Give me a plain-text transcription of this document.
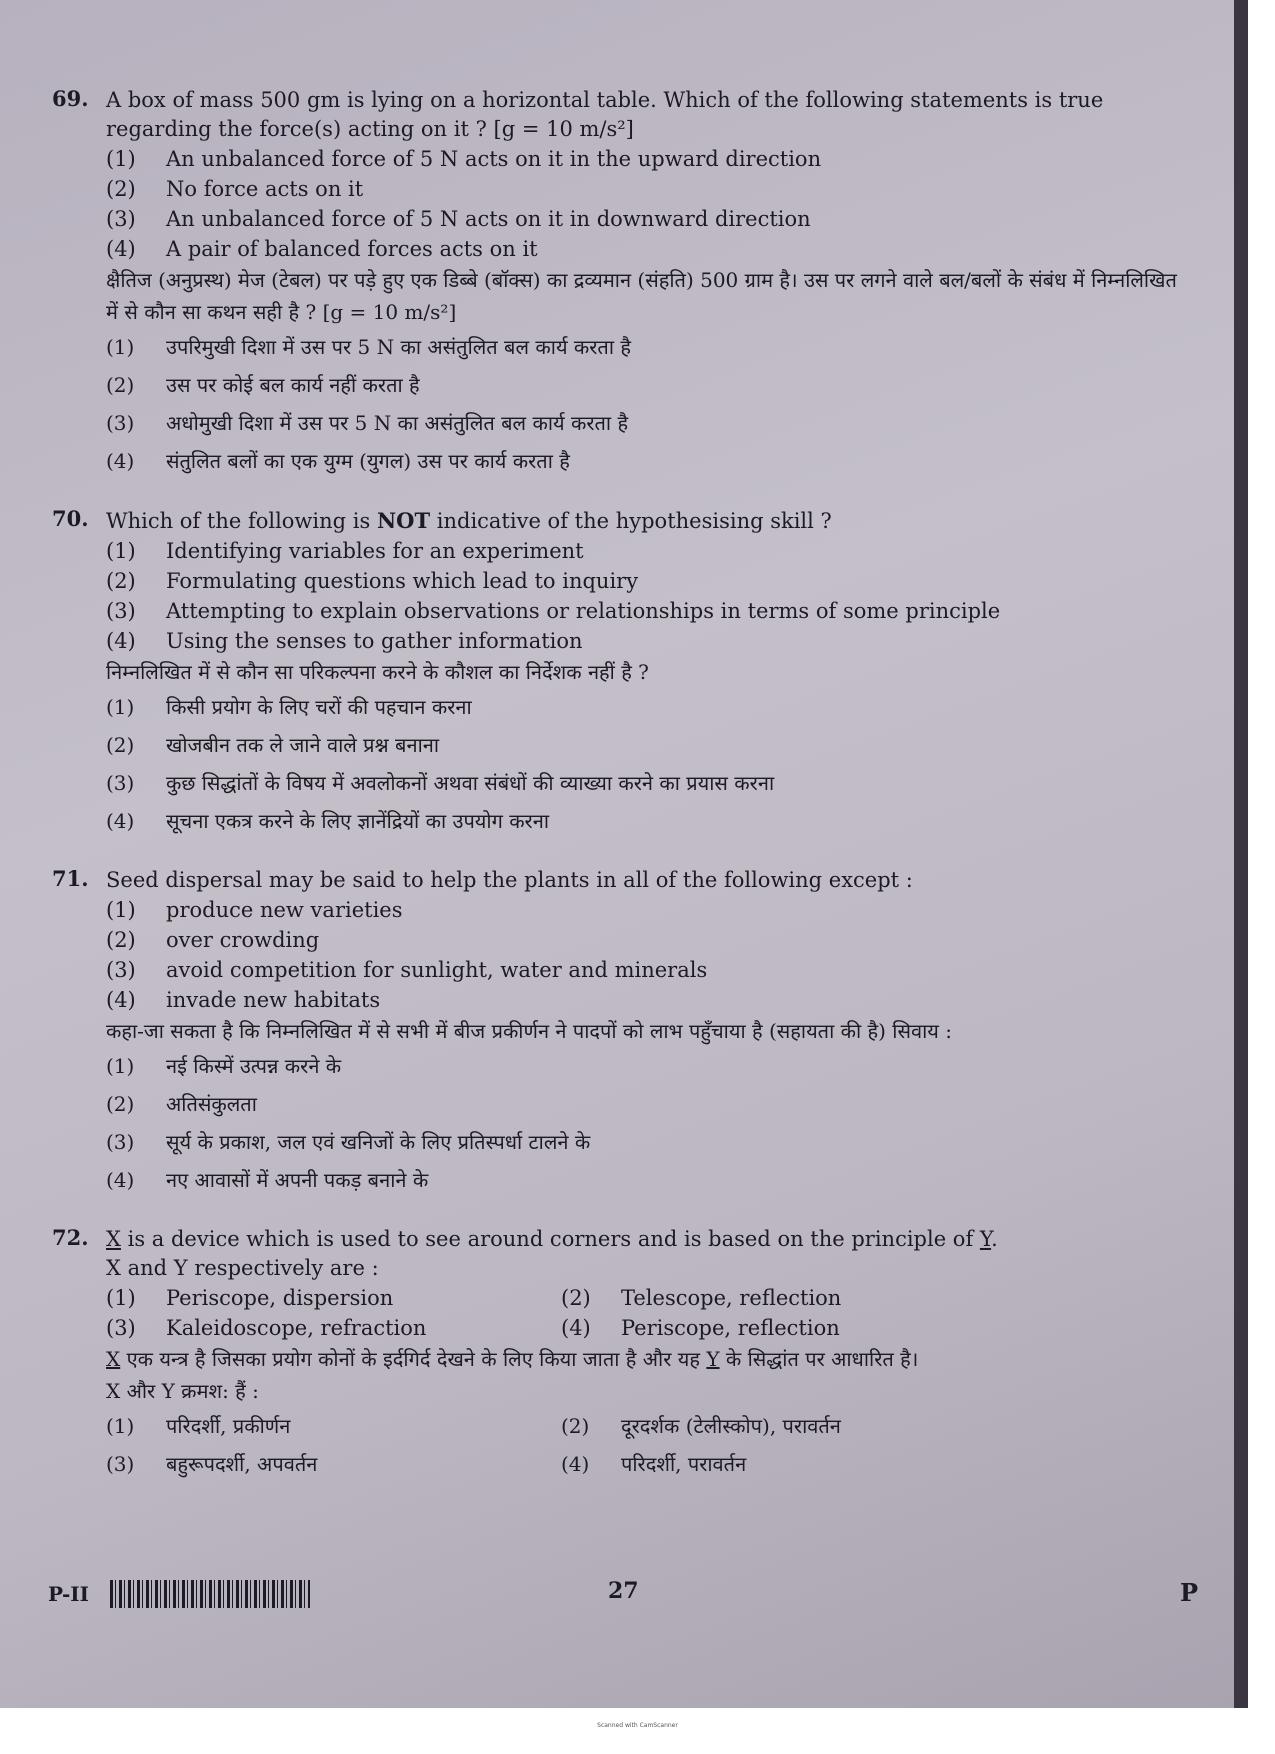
69. A box of mass 500 gm is lying on a horizontal table. Which of the following statements is true regarding the force(s) acting on it ? [g = 10 m/s²]
(1)	An unbalanced force of 5 N acts on it in the upward direction
(2)	No force acts on it
(3)	An unbalanced force of 5 N acts on it in downward direction
(4)	A pair of balanced forces acts on it
क्षैतिज (अनुप्रस्थ) मेज (टेबल) पर पड़े हुए एक डिब्बे (बॉक्स) का द्रव्यमान (संहति) 500 ग्राम है। उस पर लगने वाले बल/बलों के संबंध में निम्नलिखित में से कौन सा कथन सही है ? [g = 10 m/s²]
(1)	उपरिमुखी दिशा में उस पर 5 N का असंतुलित बल कार्य करता है
(2)	उस पर कोई बल कार्य नहीं करता है
(3)	अधोमुखी दिशा में उस पर 5 N का असंतुलित बल कार्य करता है
(4)	संतुलित बलों का एक युग्म (युगल) उस पर कार्य करता है
70. Which of the following is NOT indicative of the hypothesising skill ?
(1)	Identifying variables for an experiment
(2)	Formulating questions which lead to inquiry
(3)	Attempting to explain observations or relationships in terms of some principle
(4)	Using the senses to gather information
निम्नलिखित में से कौन सा परिकल्पना करने के कौशल का निर्देशक नहीं है ?
(1)	किसी प्रयोग के लिए चरों की पहचान करना
(2)	खोजबीन तक ले जाने वाले प्रश्न बनाना
(3)	कुछ सिद्धांतों के विषय में अवलोकनों अथवा संबंधों की व्याख्या करने का प्रयास करना
(4)	सूचना एकत्र करने के लिए ज्ञानेंद्रियों का उपयोग करना
71. Seed dispersal may be said to help the plants in all of the following except :
(1)	produce new varieties
(2)	over crowding
(3)	avoid competition for sunlight, water and minerals
(4)	invade new habitats
कहा-जा सकता है कि निम्नलिखित में से सभी में बीज प्रकीर्णन ने पादपों को लाभ पहुँचाया है (सहायता की है) सिवाय :
(1)	नई किस्में उत्पन्न करने के
(2)	अतिसंकुलता
(3)	सूर्य के प्रकाश, जल एवं खनिजों के लिए प्रतिस्पर्धा टालने के
(4)	नए आवासों में अपनी पकड़ बनाने के
72. X is a device which is used to see around corners and is based on the principle of Y.
X and Y respectively are :
(1)	Periscope, dispersion	(2)	Telescope, reflection
(3)	Kaleidoscope, refraction	(4)	Periscope, reflection
X एक यन्त्र है जिसका प्रयोग कोनों के इर्दगिर्द देखने के लिए किया जाता है और यह Y के सिद्धांत पर आधारित है।
X और Y क्रमश: हैं :
(1)	परिदर्शी, प्रकीर्णन	(2)	दूरदर्शक (टेलीस्कोप), परावर्तन
(3)	बहुरूपदर्शी, अपवर्तन	(4)	परिदर्शी, परावर्तन
P-II	27	P
Scanned with CamScanner
